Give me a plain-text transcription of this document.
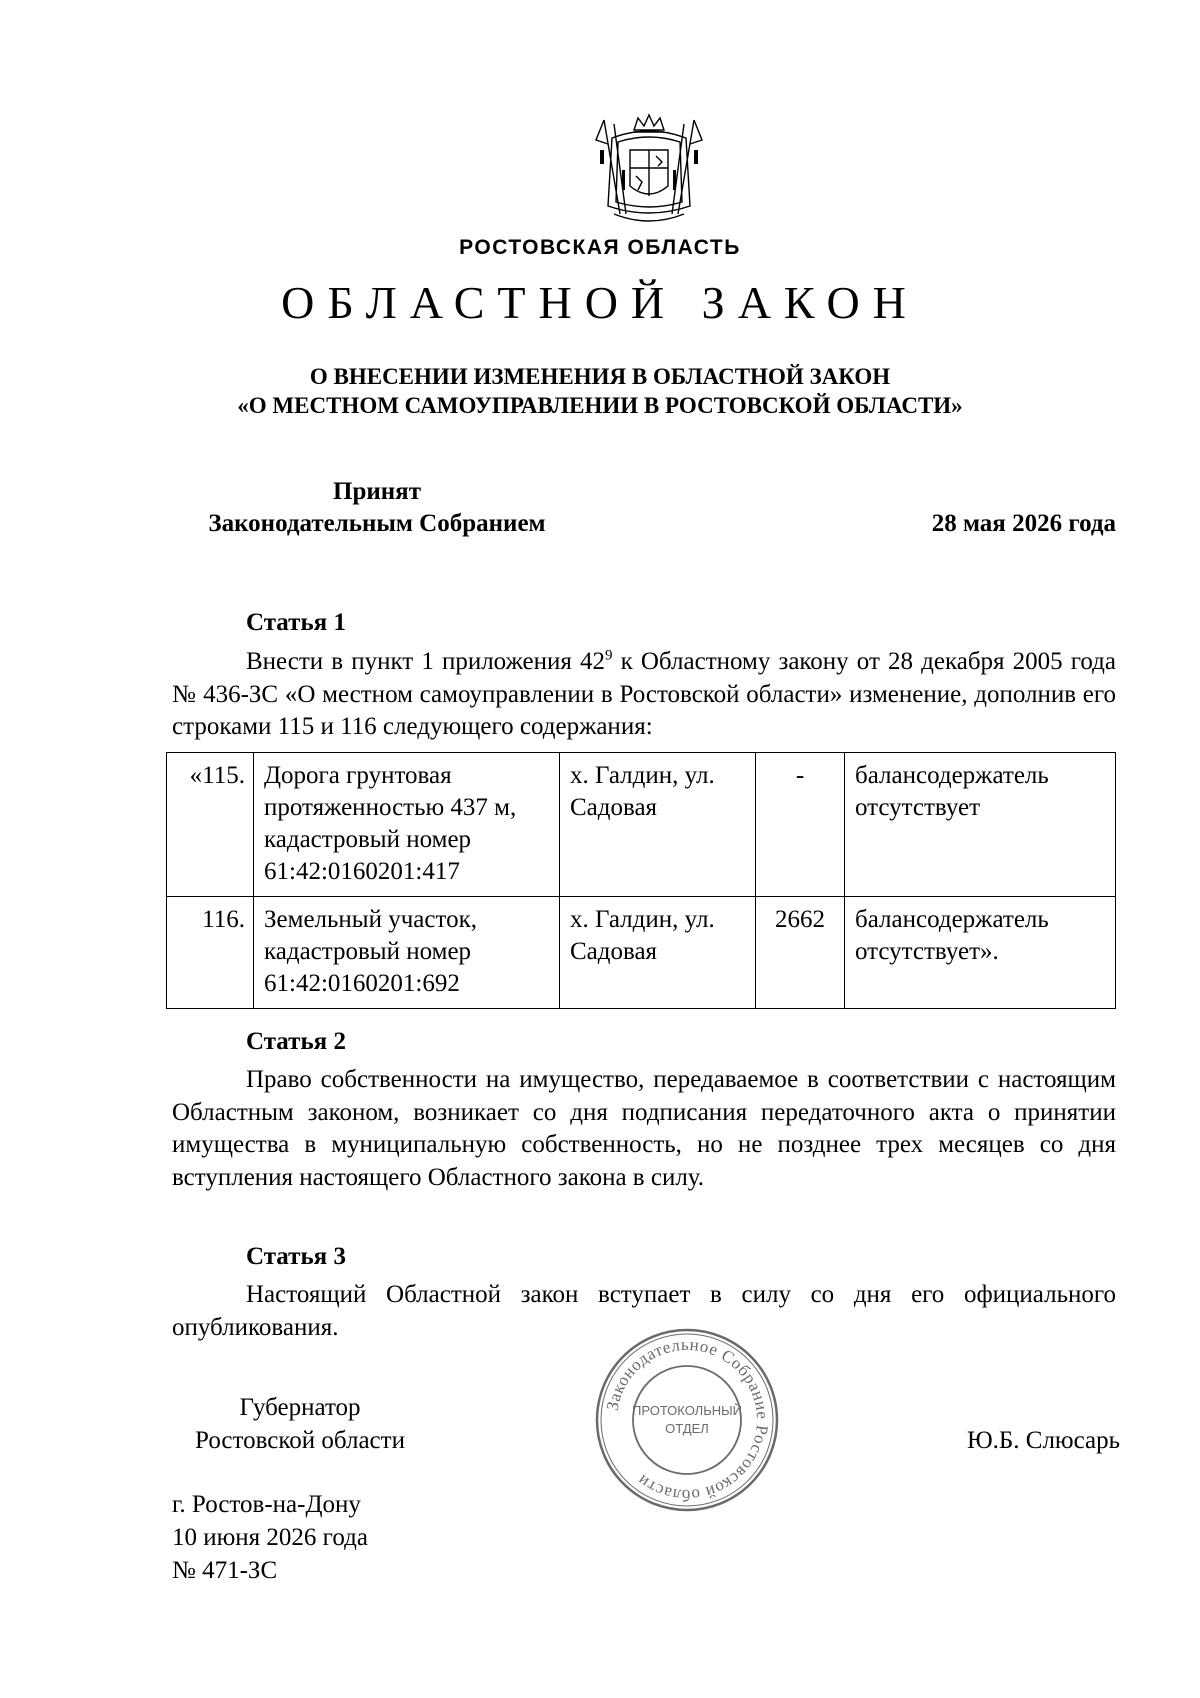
РОСТОВСКАЯ ОБЛАСТЬ
ОБЛАСТНОЙ ЗАКОН
О ВНЕСЕНИИ ИЗМЕНЕНИЯ В ОБЛАСТНОЙ ЗАКОН
«О МЕСТНОМ САМОУПРАВЛЕНИИ В РОСТОВСКОЙ ОБЛАСТИ»
Принят
Законодательным Собранием	28 мая 2026 года
Статья 1
Внести в пункт 1 приложения $42^9$ к Областному закону от 28 декабря 2005 года № 436-ЗС «О местном самоуправлении в Ростовской области» изменение, дополнив его строками 115 и 116 следующего содержания:
«115.	Дорога грунтовая протяженностью 437 м, кадастровый номер 61:42:0160201:417	х. Галдин, ул. Садовая	-	балансодержатель отсутствует
116.	Земельный участок, кадастровый номер 61:42:0160201:692	х. Галдин, ул. Садовая	2662	балансодержатель отсутствует».
Статья 2
Право собственности на имущество, передаваемое в соответствии с настоящим Областным законом, возникает со дня подписания передаточного акта о принятии имущества в муниципальную собственность, но не позднее трех месяцев со дня вступления настоящего Областного закона в силу.
Статья 3
Настоящий Областной закон вступает в силу со дня его официального опубликования.
Губернатор
Ростовской области	Ю.Б. Слюсарь
Законодательное Собрание Ростовской области
ПРОТОКОЛЬНЫЙ
ОТДЕЛ
г. Ростов-на-Дону
10 июня 2026 года
№ 471-ЗС
